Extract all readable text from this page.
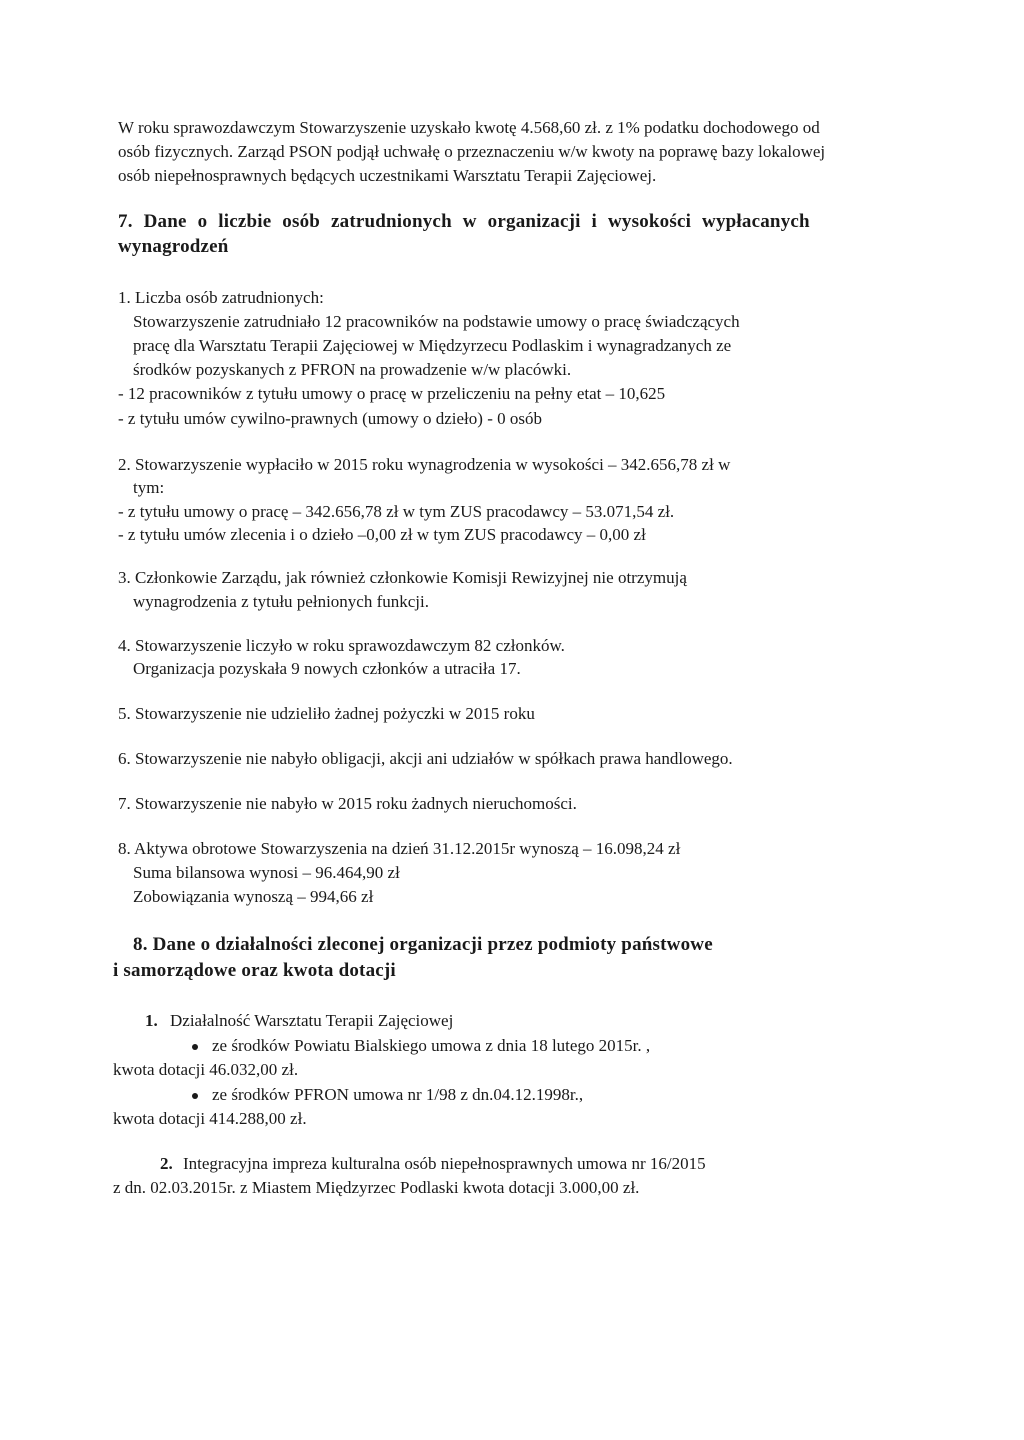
W roku sprawozdawczym Stowarzyszenie uzyskało kwotę 4.568,60 zł. z 1% podatku dochodowego od
osób fizycznych. Zarząd PSON podjął uchwałę o przeznaczeniu w/w kwoty na poprawę bazy lokalowej
osób niepełnosprawnych będących uczestnikami Warsztatu Terapii Zajęciowej.
7. Dane o liczbie osób zatrudnionych w organizacji i wysokości wypłacanych
wynagrodzeń
1. Liczba osób zatrudnionych:
Stowarzyszenie zatrudniało 12 pracowników na podstawie umowy o pracę świadczących
pracę dla Warsztatu Terapii Zajęciowej w Międzyrzecu Podlaskim i wynagradzanych ze
środków pozyskanych z PFRON na prowadzenie w/w placówki.
- 12 pracowników z tytułu umowy o pracę w przeliczeniu na pełny etat – 10,625
- z tytułu umów cywilno-prawnych (umowy o dzieło) - 0 osób
2. Stowarzyszenie wypłaciło w 2015 roku wynagrodzenia w wysokości – 342.656,78 zł w
tym:
- z tytułu umowy o pracę – 342.656,78 zł w tym ZUS pracodawcy – 53.071,54 zł.
- z tytułu umów zlecenia i o dzieło –0,00 zł w tym ZUS pracodawcy – 0,00 zł
3. Członkowie Zarządu, jak również członkowie Komisji Rewizyjnej nie otrzymują
wynagrodzenia z tytułu pełnionych funkcji.
4. Stowarzyszenie liczyło w roku sprawozdawczym 82 członków.
Organizacja pozyskała 9 nowych członków a utraciła 17.
5. Stowarzyszenie nie udzieliło żadnej pożyczki w 2015 roku
6. Stowarzyszenie nie nabyło obligacji, akcji ani udziałów w spółkach prawa handlowego.
7. Stowarzyszenie nie nabyło w 2015 roku żadnych nieruchomości.
8. Aktywa obrotowe Stowarzyszenia na dzień 31.12.2015r wynoszą – 16.098,24 zł
Suma bilansowa wynosi – 96.464,90 zł
Zobowiązania wynoszą – 994,66 zł
8. Dane o działalności zleconej organizacji przez podmioty państwowe
i samorządowe oraz kwota dotacji
1. Działalność Warsztatu Terapii Zajęciowej
ze środków Powiatu Bialskiego umowa z dnia 18 lutego 2015r. ,
kwota dotacji 46.032,00 zł.
ze środków PFRON umowa nr 1/98 z dn.04.12.1998r.,
kwota dotacji 414.288,00 zł.
2. Integracyjna impreza kulturalna osób niepełnosprawnych umowa nr 16/2015
z dn. 02.03.2015r. z Miastem Międzyrzec Podlaski kwota dotacji 3.000,00 zł.
